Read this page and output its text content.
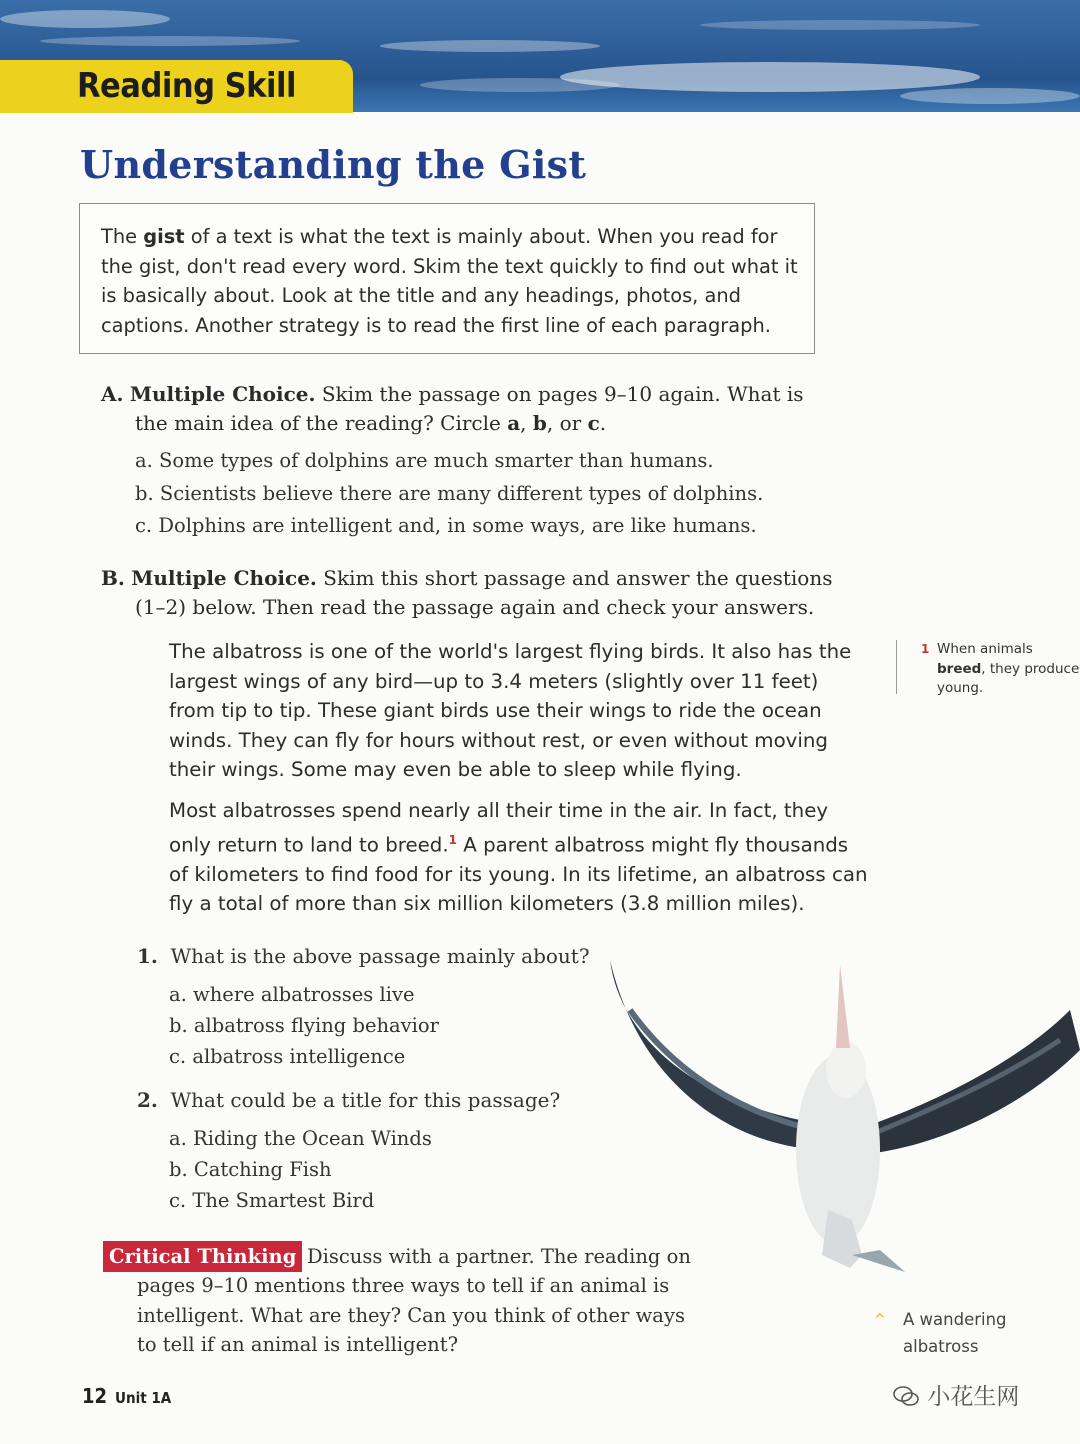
Reading Skill
Understanding the Gist

The gist of a text is what the text is mainly about. When you read for the gist, don't read every word. Skim the text quickly to find out what it is basically about. Look at the title and any headings, photos, and captions. Another strategy is to read the first line of each paragraph.

A. Multiple Choice. Skim the passage on pages 9–10 again. What is
the main idea of the reading? Circle a, b, or c.
a. Some types of dolphins are much smarter than humans.
b. Scientists believe there are many different types of dolphins.
c. Dolphins are intelligent and, in some ways, are like humans.
B. Multiple Choice. Skim this short passage and answer the questions
(1–2) below. Then read the passage again and check your answers.

The albatross is one of the world's largest flying birds. It also has the largest wings of any bird—up to 3.4 meters (slightly over 11 feet) from tip to tip. These giant birds use their wings to ride the ocean winds. They can fly for hours without rest, or even without moving their wings. Some may even be able to sleep while flying.

Most albatrosses spend nearly all their time in the air. In fact, they only return to land to breed.$^1$ A parent albatross might fly thousands of kilometers to find food for its young. In its lifetime, an albatross can fly a total of more than six million kilometers (3.8 million miles).

1 When animals
breed, they produce young.
1. What is the above passage mainly about?
a. where albatrosses live
b. albatross flying behavior
c. albatross intelligence
2. What could be a title for this passage?
a. Riding the Ocean Winds
b. Catching Fish
c. The Smartest Bird
Critical Thinking Discuss with a partner. The reading on pages 9–10 mentions three ways to tell if an animal is intelligent. What are they? Can you think of other ways to tell if an animal is intelligent?

^	A wandering albatross
12 Unit 1A	小花生网
